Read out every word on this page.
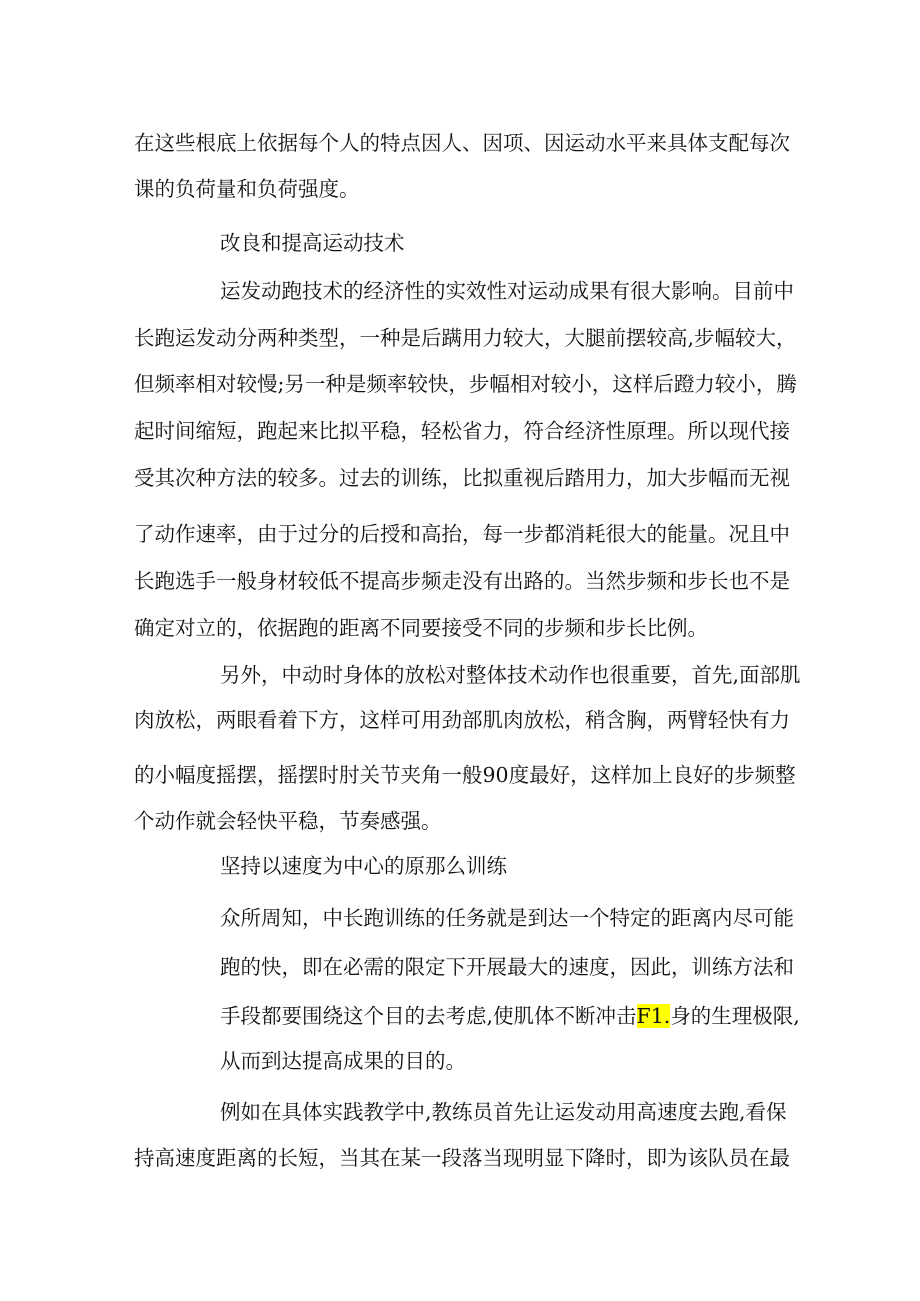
在这些根底上依据每个人的特点因人、因项、因运动水平来具体支配每次
课的负荷量和负荷强度。
改良和提高运动技术
运发动跑技术的经济性的实效性对运动成果有很大影响。目前中
长跑运发动分两种类型，一种是后蹒用力较大，大腿前摆较高,步幅较大，
但频率相对较慢;另一种是频率较快，步幅相对较小，这样后蹬力较小，腾
起时间缩短，跑起来比拟平稳，轻松省力，符合经济性原理。所以现代接
受其次种方法的较多。过去的训练，比拟重视后踏用力，加大步幅而无视
了动作速率，由于过分的后授和高抬，每一步都消耗很大的能量。况且中
长跑选手一般身材较低不提高步频走没有出路的。当然步频和步长也不是
确定对立的，依据跑的距离不同要接受不同的步频和步长比例。
另外，中动时身体的放松对整体技术动作也很重要，首先,面部肌
肉放松，两眼看着下方，这样可用劲部肌肉放松，稍含胸，两臂轻快有力
的小幅度摇摆，摇摆时肘关节夹角一般90度最好，这样加上良好的步频整
个动作就会轻快平稳，节奏感强。
坚持以速度为中心的原那么训练
众所周知，中长跑训练的任务就是到达一个特定的距离内尽可能
跑的快，即在必需的限定下开展最大的速度，因此，训练方法和
手段都要围绕这个目的去考虑,使肌体不断冲击F1.身的生理极限,
从而到达提高成果的目的。
例如在具体实践教学中,教练员首先让运发动用高速度去跑,看保
持高速度距离的长短，当其在某一段落当现明显下降时，即为该队员在最
